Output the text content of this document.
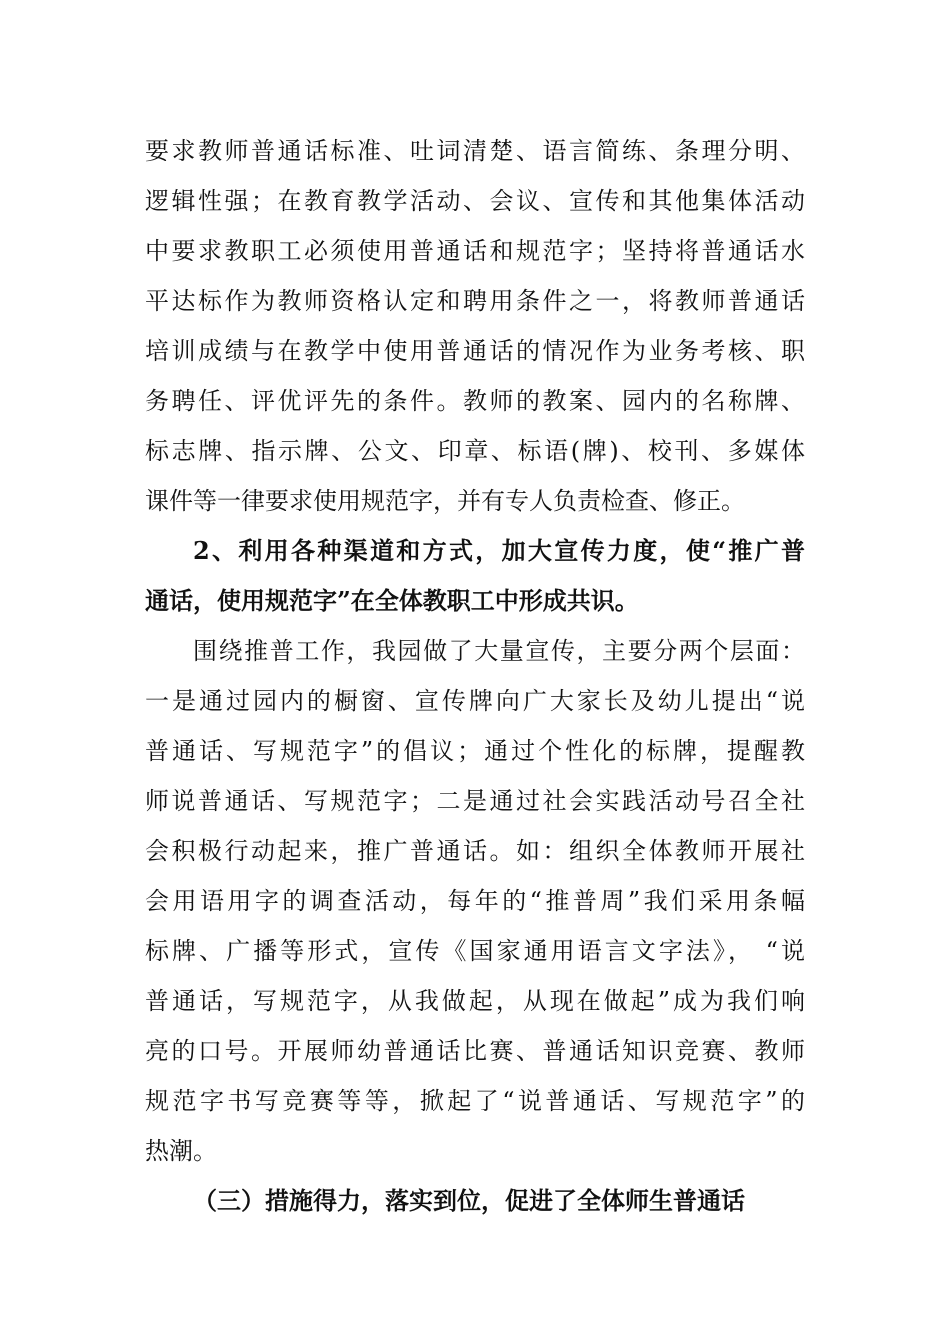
要求教师普通话标准、吐词清楚、语言简练、条理分明、
逻辑性强；在教育教学活动、会议、宣传和其他集体活动
中要求教职工必须使用普通话和规范字；坚持将普通话水
平达标作为教师资格认定和聘用条件之一，将教师普通话
培训成绩与在教学中使用普通话的情况作为业务考核、职
务聘任、评优评先的条件。教师的教案、园内的名称牌、
标志牌、指示牌、公文、印章、标语(牌)、校刊、多媒体
课件等一律要求使用规范字，并有专人负责检查、修正。
2、利用各种渠道和方式，加大宣传力度，使“推广普
通话，使用规范字”在全体教职工中形成共识。
围绕推普工作，我园做了大量宣传，主要分两个层面：
一是通过园内的橱窗、宣传牌向广大家长及幼儿提出“说
普通话、写规范字”的倡议；通过个性化的标牌，提醒教
师说普通话、写规范字；二是通过社会实践活动号召全社
会积极行动起来，推广普通话。如：组织全体教师开展社
会用语用字的调查活动，每年的“推普周”我们采用条幅
标牌、广播等形式，宣传《国家通用语言文字法》， “说
普通话，写规范字，从我做起，从现在做起”成为我们响
亮的口号。开展师幼普通话比赛、普通话知识竞赛、教师
规范字书写竞赛等等，掀起了“说普通话、写规范字”的
热潮。
（三）措施得力，落实到位，促进了全体师生普通话
